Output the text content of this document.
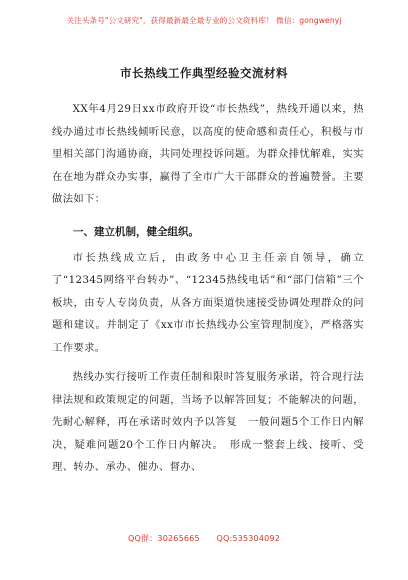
关注头条号"公文研究"，获得最新最全最专业的公文资料库！ 微信：gongwenyj
市长热线工作典型经验交流材料

XX年4月29日xx市政府开设“市长热线”，热线开通以来，热线办通过市长热线倾听民意，以高度的使命感和责任心，积极与市里相关部门沟通协商，共同处理投诉问题。为群众排忧解难，实实在在地为群众办实事，赢得了全市广大干部群众的普遍赞誉。主要做法如下：

一、建立机制，健全组织。

市长热线成立后，由政务中心卫主任亲自领导，确立了“12345网络平台转办”、“12345热线电话”和“部门信箱”三个板块，由专人专岗负责，从各方面渠道快速接受协调处理群众的问题和建议。并制定了《xx市市长热线办公室管理制度》，严格落实工作要求。

热线办实行接听工作责任制和限时答复服务承诺，符合现行法律法规和政策规定的问题，当场予以解答回复；不能解决的问题，先耐心解释，再在承诺时效内予以答复　一般问题5个工作日内解决，疑难问题20个工作日内解决。　形成一整套上线、接听、受理、转办、承办、催办、督办、

QQ群：30265665 QQ:535304092
